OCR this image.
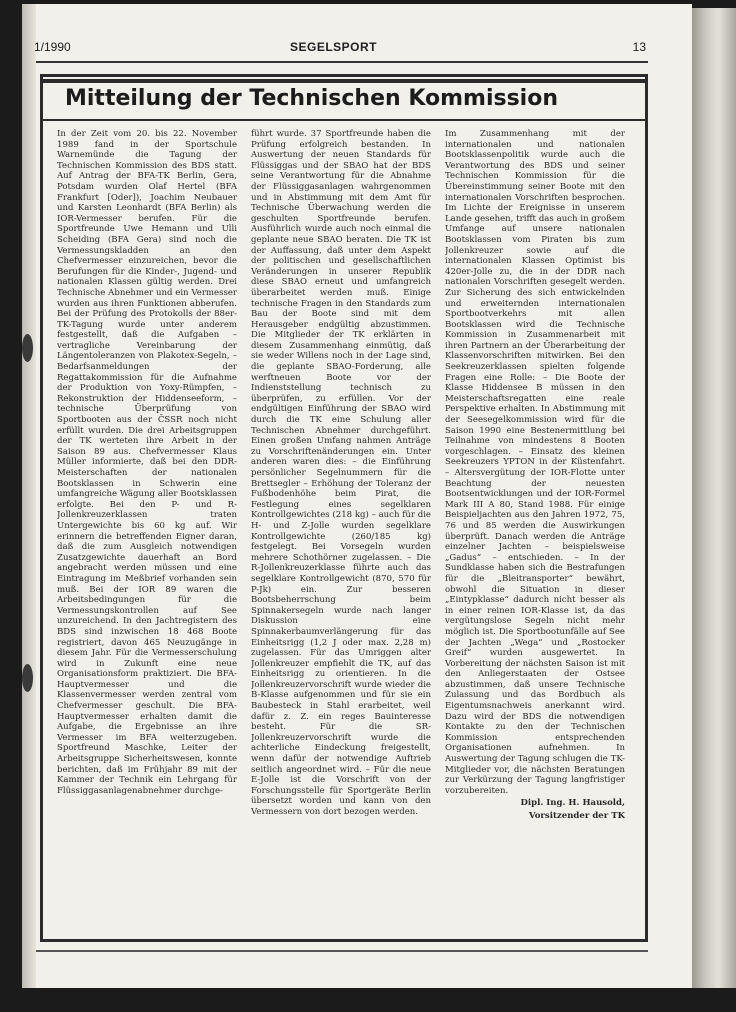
1/1990	SEGELSPORT	13
Mitteilung der Technischen Kommission

In der Zeit vom 20. bis 22. November 1989 fand in der Sportschule Warnemünde die Tagung der Technischen Kommission des BDS statt. Auf Antrag der BFA-TK Berlin, Gera, Potsdam wurden Olaf Hertel (BFA Frankfurt [Oder]), Joachim Neubauer und Karsten Leonhardt (BFA Berlin) als IOR-Vermesser berufen. Für die Sportfreunde Uwe Hemann und Ulli Scheiding (BFA Gera) sind noch die Vermessungskladden an den Chefvermesser einzureichen, bevor die Berufungen für die Kinder-, Jugend- und nationalen Klassen gültig werden. Drei Technische Abnehmer und ein Vermesser wurden aus ihren Funktionen abberufen. Bei der Prüfung des Protokolls der 88er-TK-Tagung wurde unter anderem festgestellt, daß die Aufgaben – vertragliche Vereinbarung der Längentoleranzen von Plakotex-Segeln, – Bedarfsanmeldungen der Regattakommission für die Aufnahme der Produktion von Yoxy-Rümpfen, – Rekonstruktion der Hiddenseeform, – technische Überprüfung von Sportbooten aus der ČSSR noch nicht erfüllt wurden. Die drei Arbeitsgruppen der TK werteten ihre Arbeit in der Saison 89 aus. Chefvermesser Klaus Müller informierte, daß bei den DDR-Meisterschaften der nationalen Bootsklassen in Schwerin eine umfangreiche Wägung aller Bootsklassen erfolgte. Bei den P- und R-Jollenkreuzerklassen traten Untergewichte bis 60 kg auf. Wir erinnern die betreffenden Eigner daran, daß die zum Ausgleich notwendigen Zusatzgewichte dauerhaft an Bord angebracht werden müssen und eine Eintragung im Meßbrief vorhanden sein muß. Bei der IOR 89 waren die Arbeitsbedingungen für die Vermessungskontrollen auf See unzureichend. In den Jachtregistern des BDS sind inzwischen 18 468 Boote registriert, davon 465 Neuzugänge in diesem Jahr. Für die Vermesserschulung wird in Zukunft eine neue Organisationsform praktiziert. Die BFA-Hauptvermesser und die Klassenvermesser werden zentral vom Chefvermesser geschult. Die BFA-Hauptvermesser erhalten damit die Aufgabe, die Ergebnisse an ihre Vermesser im BFA weiterzugeben. Sportfreund Maschke, Leiter der Arbeitsgruppe Sicherheitswesen, konnte berichten, daß im Frühjahr 89 mit der Kammer der Technik ein Lehrgang für Flüssiggasanlagenabnehmer durchge-

führt wurde. 37 Sportfreunde haben die Prüfung erfolgreich bestanden. In Auswertung der neuen Standards für Flüssiggas und der SBAO hat der BDS seine Verantwortung für die Abnahme der Flüssiggasanlagen wahrgenommen und in Abstimmung mit dem Amt für Technische Überwachung werden die geschulten Sportfreunde berufen. Ausführlich wurde auch noch einmal die geplante neue SBAO beraten. Die TK ist der Auffassung, daß unter dem Aspekt der politischen und gesellschaftlichen Veränderungen in unserer Republik diese SBAO erneut und umfangreich überarbeitet werden muß. Einige technische Fragen in den Standards zum Bau der Boote sind mit dem Herausgeber endgültig abzustimmen. Die Mitglieder der TK erklärten in diesem Zusammenhang einmütig, daß sie weder Willens noch in der Lage sind, die geplante SBAO-Forderung, alle werftneuen Boote vor der Indienststellung technisch zu überprüfen, zu erfüllen. Vor der endgültigen Einführung der SBAO wird durch die TK eine Schulung aller Technischen Abnehmer durchgeführt. Einen großen Umfang nahmen Anträge zu Vorschriftenänderungen ein. Unter anderen waren dies: – die Einführung persönlicher Segelnummern für die Brettsegler – Erhöhung der Toleranz der Fußbodenhöhe beim Pirat, die Festlegung eines segelklaren Kontrollgewichtes (218 kg) – auch für die H- und Z-Jolle wurden segelklare Kontrollgewichte (260/185 kg) festgelegt. Bei Vorsegeln wurden mehrere Schothörner zugelassen. – Die R-Jollenkreuzerklasse führte auch das segelklare Kontrollgewicht (870, 570 für P-Jk) ein. Zur besseren Bootsbeherrschung beim Spinnakersegeln wurde nach langer Diskussion eine Spinnakerbaumverlängerung für das Einheitsrigg (1,2 J oder max. 2,28 m) zugelassen. Für das Umriggen alter Jollenkreuzer empfiehlt die TK, auf das Einheitsrigg zu orientieren. In die Jollenkreuzervorschrift wurde wieder die B-Klasse aufgenommen und für sie ein Baubesteck in Stahl erarbeitet, weil dafür z. Z. ein reges Bauinteresse besteht. Für die SR-Jollenkreuzervorschrift wurde die achterliche Eindeckung freigestellt, wenn dafür der notwendige Auftrieb seitlich angeordnet wird. – Für die neue E-Jolle ist die Vorschrift von der Forschungsstelle für Sportgeräte Berlin übersetzt worden und kann von den Vermessern von dort bezogen werden.

Im Zusammenhang mit der internationalen und nationalen Bootsklassenpolitik wurde auch die Verantwortung des BDS und seiner Technischen Kommission für die Übereinstimmung seiner Boote mit den internationalen Vorschriften besprochen. Im Lichte der Ereignisse in unserem Lande gesehen, trifft das auch in großem Umfange auf unsere nationalen Bootsklassen vom Piraten bis zum Jollenkreuzer sowie auf die internationalen Klassen Optimist bis 420er-Jolle zu, die in der DDR nach nationalen Vorschriften gesegelt werden. Zur Sicherung des sich entwickelnden und erweiternden internationalen Sportbootverkehrs mit allen Bootsklassen wird die Technische Kommission in Zusammenarbeit mit ihren Partnern an der Überarbeitung der Klassenvorschriften mitwirken. Bei den Seekreuzerklassen spielten folgende Fragen eine Rolle: – Die Boote der Klasse Hiddensee B müssen in den Meisterschaftsregatten eine reale Perspektive erhalten. In Abstimmung mit der Seesegelkommission wird für die Saison 1990 eine Bestenermittlung bei Teilnahme von mindestens 8 Booten vorgeschlagen. – Einsatz des kleinen Seekreuzers YPTON in der Küstenfahrt. – Altersvergütung der IOR-Flotte unter Beachtung der neuesten Bootsentwicklungen und der IOR-Formel Mark III A 80, Stand 1988. Für einige Beispieljachten aus den Jahren 1972, 75, 76 und 85 werden die Auswirkungen überprüft. Danach werden die Anträge einzelner Jachten – beispielsweise „Gadus“ – entschieden. – In der Sundklasse haben sich die Bestrafungen für die „Bleitransporter“ bewährt, obwohl die Situation in dieser „Eintypklasse“ dadurch nicht besser als in einer reinen IOR-Klasse ist, da das vergütungslose Segeln nicht mehr möglich ist. Die Sportbootunfälle auf See der Jachten „Wega“ und „Rostocker Greif“ wurden ausgewertet. In Vorbereitung der nächsten Saison ist mit den Anliegerstaaten der Ostsee abzustimmen, daß unsere Technische Zulassung und das Bordbuch als Eigentumsnachweis anerkannt wird. Dazu wird der BDS die notwendigen Kontakte zu den der Technischen Kommission entsprechenden Organisationen aufnehmen. In Auswertung der Tagung schlugen die TK-Mitglieder vor, die nächsten Beratungen zur Verkürzung der Tagung langfristiger vorzubereiten.

Dipl. Ing. H. Hausold,
Vorsitzender der TK
